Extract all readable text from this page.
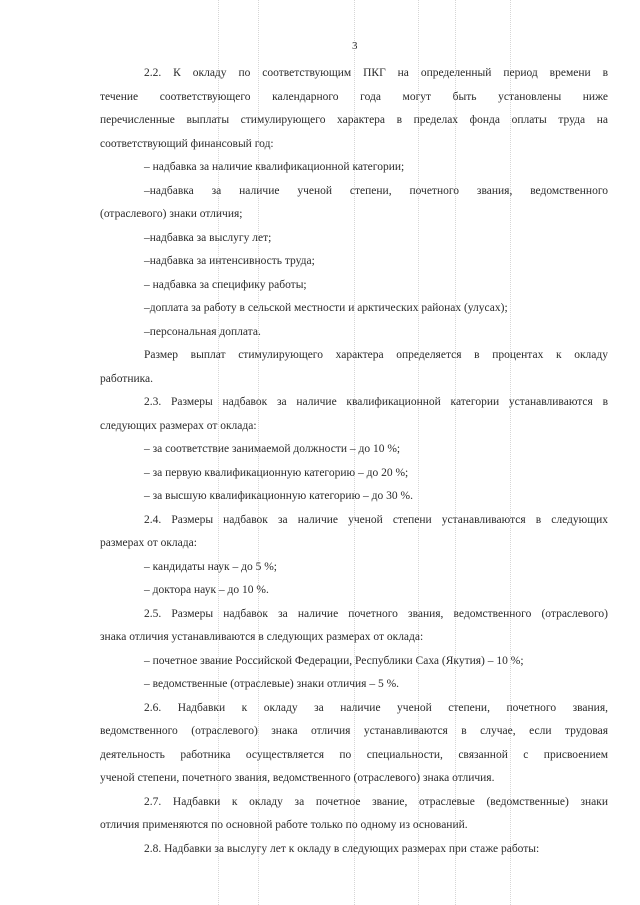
3
2.2. К окладу по соответствующим ПКГ на определенный период времени в
течение соответствующего календарного года могут быть установлены ниже
перечисленные выплаты стимулирующего характера в пределах фонда оплаты труда на
соответствующий финансовый год:
– надбавка за наличие квалификационной категории;
–надбавка за наличие ученой степени, почетного звания, ведомственного
(отраслевого) знаки отличия;
–надбавка за выслугу лет;
–надбавка за интенсивность труда;
– надбавка за специфику работы;
–доплата за работу в сельской местности и арктических районах (улусах);
–персональная доплата.
Размер выплат стимулирующего характера определяется в процентах к окладу
работника.
2.3. Размеры надбавок за наличие квалификационной категории устанавливаются в
следующих размерах от оклада:
– за соответствие занимаемой должности – до 10 %;
– за первую квалификационную категорию – до 20 %;
– за высшую квалификационную категорию – до 30 %.
2.4. Размеры надбавок за наличие ученой степени устанавливаются в следующих
размерах от оклада:
– кандидаты наук – до 5 %;
– доктора наук – до 10 %.
2.5. Размеры надбавок за наличие почетного звания, ведомственного (отраслевого)
знака отличия устанавливаются в следующих размерах от оклада:
– почетное звание Российской Федерации, Республики Саха (Якутия) – 10 %;
– ведомственные (отраслевые) знаки отличия – 5 %.
2.6. Надбавки к окладу за наличие ученой степени, почетного звания,
ведомственного (отраслевого) знака отличия устанавливаются в случае, если трудовая
деятельность работника осуществляется по специальности, связанной с присвоением
ученой степени, почетного звания, ведомственного (отраслевого) знака отличия.
2.7. Надбавки к окладу за почетное звание, отраслевые (ведомственные) знаки
отличия применяются по основной работе только по одному из оснований.
2.8. Надбавки за выслугу лет к окладу в следующих размерах при стаже работы:
